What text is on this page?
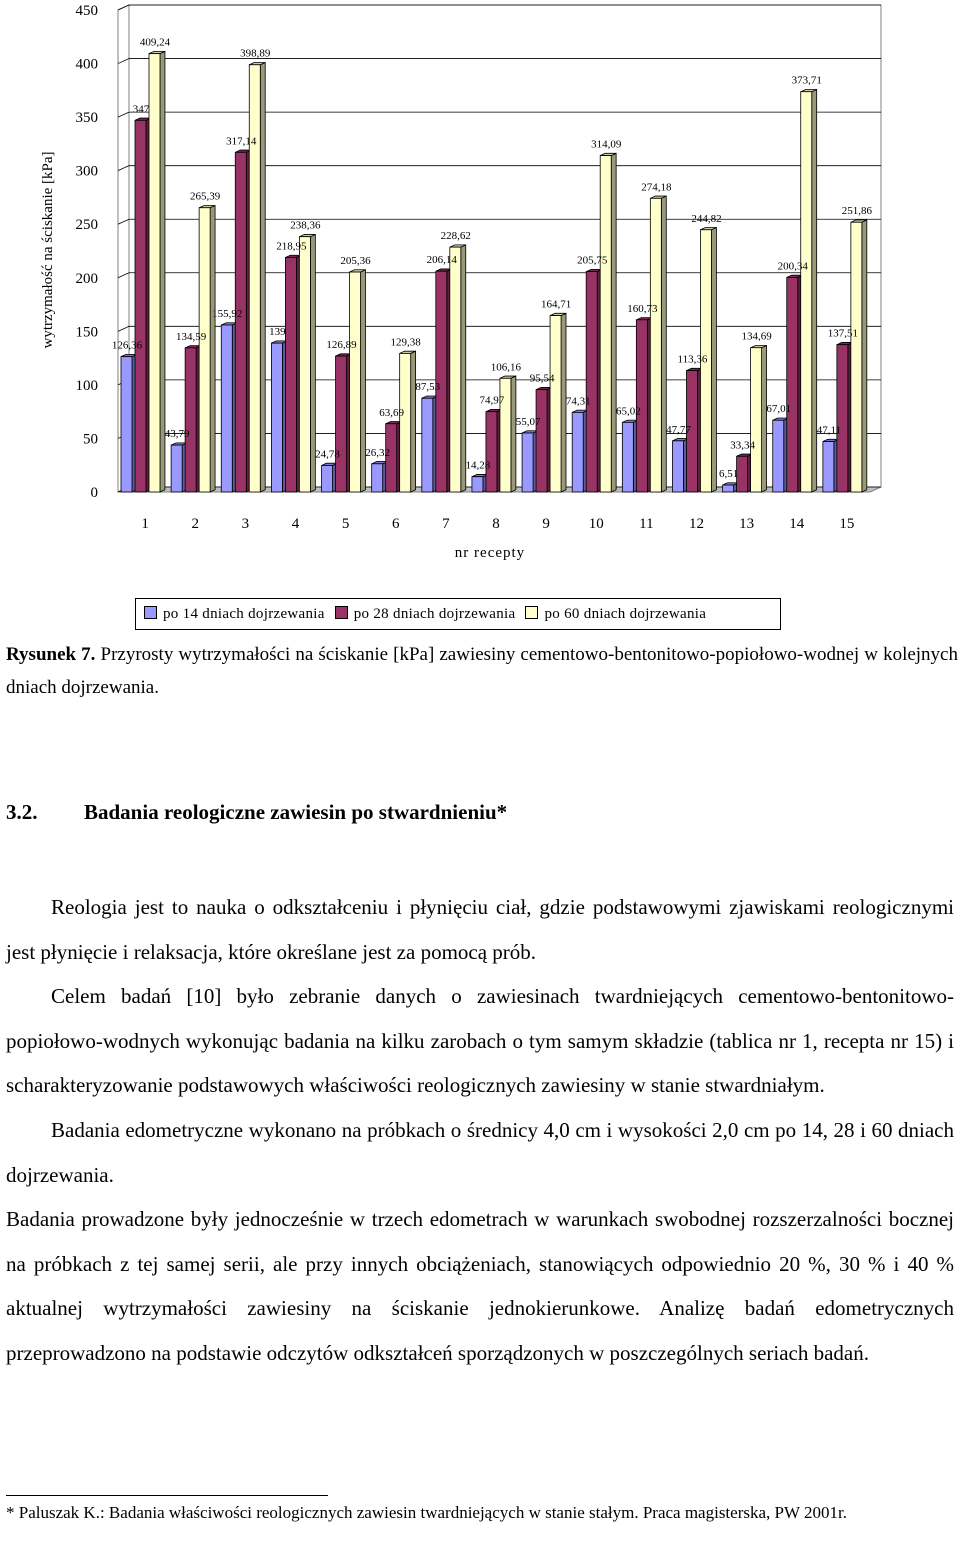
0
50
100
150
200
250
300
350
400
450
126,36
347
409,24
43,79
134,59
265,39
155,92
317,14
398,89
139
218,95
238,36
24,78
126,89
205,36
26,32
63,69
129,38
87,53
206,14
228,62
14,28
74,97
106,16
55,07
95,54
164,71
74,31
205,75
314,09
65,02
160,73
274,18
47,77
113,36
244,82
6,51
33,34
134,69
67,01
200,34
373,71
47,11
137,51
251,86
1	2	3	4	5	6	7	8	9	10 11 12 13 14 15
wytrzymałość na ściskanie [kPa]
nr recepty
po 14 dniach dojrzewania	po 28 dniach dojrzewania	po 60 dniach dojrzewania

Rysunek 7. Przyrosty wytrzymałości na ściskanie [kPa] zawiesiny cementowo-bentonitowo-popiołowo-wodnej w kolejnych dniach dojrzewania.

3.2. Badania reologiczne zawiesin po stwardnieniu*

Reologia jest to nauka o odkształceniu i płynięciu ciał, gdzie podstawowymi zjawiskami reologicznymi jest płynięcie i relaksacja, które określane jest za pomocą prób.

Celem badań [10] było zebranie danych o zawiesinach twardniejących cementowo-bentonitowo-popiołowo-wodnych wykonując badania na kilku zarobach o tym samym składzie (tablica nr 1, recepta nr 15) i scharakteryzowanie podstawowych właściwości reologicznych zawiesiny w stanie stwardniałym.

Badania edometryczne wykonano na próbkach o średnicy 4,0 cm i wysokości 2,0 cm po 14, 28 i 60 dniach dojrzewania.

Badania prowadzone były jednocześnie w trzech edometrach w warunkach swobodnej rozszerzalności bocznej na próbkach z tej samej serii, ale przy innych obciążeniach, stanowiących odpowiednio 20 %, 30 % i 40 % aktualnej wytrzymałości zawiesiny na ściskanie jednokierunkowe. Analizę badań edometrycznych przeprowadzono na podstawie odczytów odkształceń sporządzonych w poszczególnych seriach badań.

* Paluszak K.: Badania właściwości reologicznych zawiesin twardniejących w stanie stałym. Praca magisterska, PW 2001r.
